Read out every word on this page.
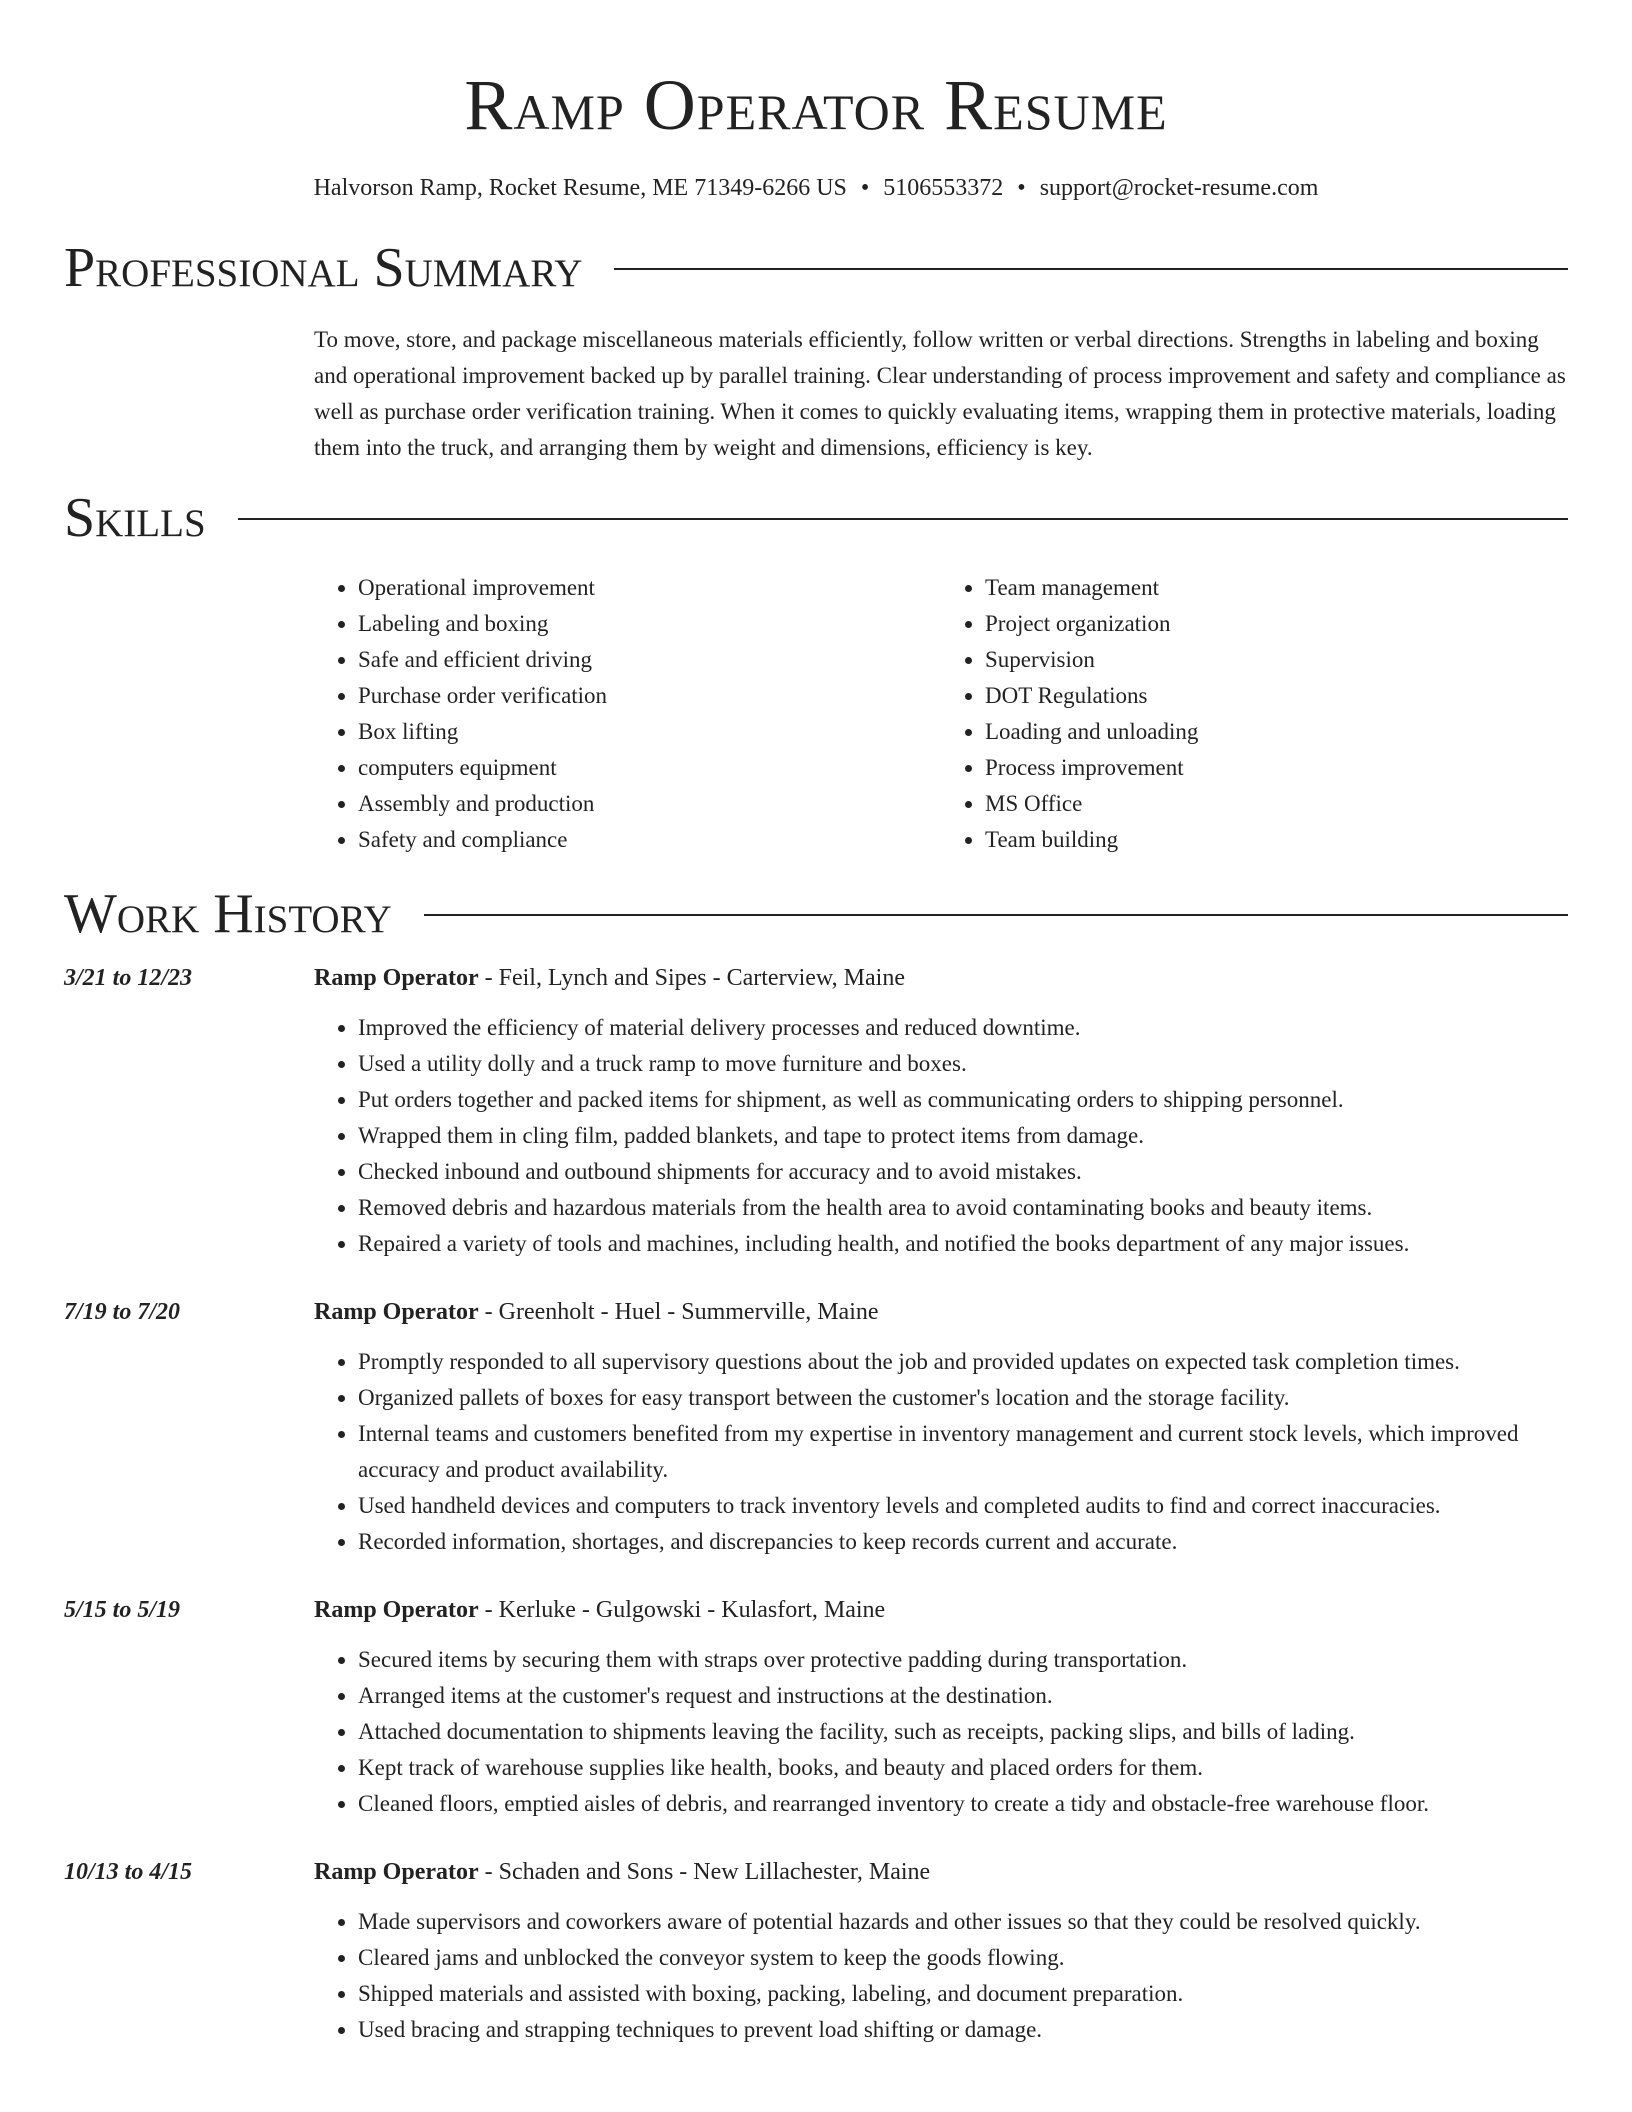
Ramp Operator Resume
Halvorson Ramp, Rocket Resume, ME 71349-6266 US • 5106553372 • support@rocket-resume.com
Professional Summary

To move, store, and package miscellaneous materials efficiently, follow written or verbal directions. Strengths in labeling and boxing and operational improvement backed up by parallel training. Clear understanding of process improvement and safety and compliance as well as purchase order verification training. When it comes to quickly evaluating items, wrapping them in protective materials, loading them into the truck, and arranging them by weight and dimensions, efficiency is key.

Skills
• Operational improvement
• Labeling and boxing
• Safe and efficient driving
• Purchase order verification
• Box lifting
• computers equipment
• Assembly and production
• Safety and compliance
• Team management
• Project organization
• Supervision
• DOT Regulations
• Loading and unloading
• Process improvement
• MS Office
• Team building
Work History
3/21 to 12/23	Ramp Operator - Feil, Lynch and Sipes - Carterview, Maine
• Improved the efficiency of material delivery processes and reduced downtime.
• Used a utility dolly and a truck ramp to move furniture and boxes.
• Put orders together and packed items for shipment, as well as communicating orders to shipping personnel.
• Wrapped them in cling film, padded blankets, and tape to protect items from damage.
• Checked inbound and outbound shipments for accuracy and to avoid mistakes.
• Removed debris and hazardous materials from the health area to avoid contaminating books and beauty items.
• Repaired a variety of tools and machines, including health, and notified the books department of any major issues.
7/19 to 7/20	Ramp Operator - Greenholt - Huel - Summerville, Maine
• Promptly responded to all supervisory questions about the job and provided updates on expected task completion times.
• Organized pallets of boxes for easy transport between the customer's location and the storage facility.
• Internal teams and customers benefited from my expertise in inventory management and current stock levels, which improved accuracy and product availability.
• Used handheld devices and computers to track inventory levels and completed audits to find and correct inaccuracies.
• Recorded information, shortages, and discrepancies to keep records current and accurate.
5/15 to 5/19	Ramp Operator - Kerluke - Gulgowski - Kulasfort, Maine
• Secured items by securing them with straps over protective padding during transportation.
• Arranged items at the customer's request and instructions at the destination.
• Attached documentation to shipments leaving the facility, such as receipts, packing slips, and bills of lading.
• Kept track of warehouse supplies like health, books, and beauty and placed orders for them.
• Cleaned floors, emptied aisles of debris, and rearranged inventory to create a tidy and obstacle-free warehouse floor.
10/13 to 4/15	Ramp Operator - Schaden and Sons - New Lillachester, Maine
• Made supervisors and coworkers aware of potential hazards and other issues so that they could be resolved quickly.
• Cleared jams and unblocked the conveyor system to keep the goods flowing.
• Shipped materials and assisted with boxing, packing, labeling, and document preparation.
• Used bracing and strapping techniques to prevent load shifting or damage.
